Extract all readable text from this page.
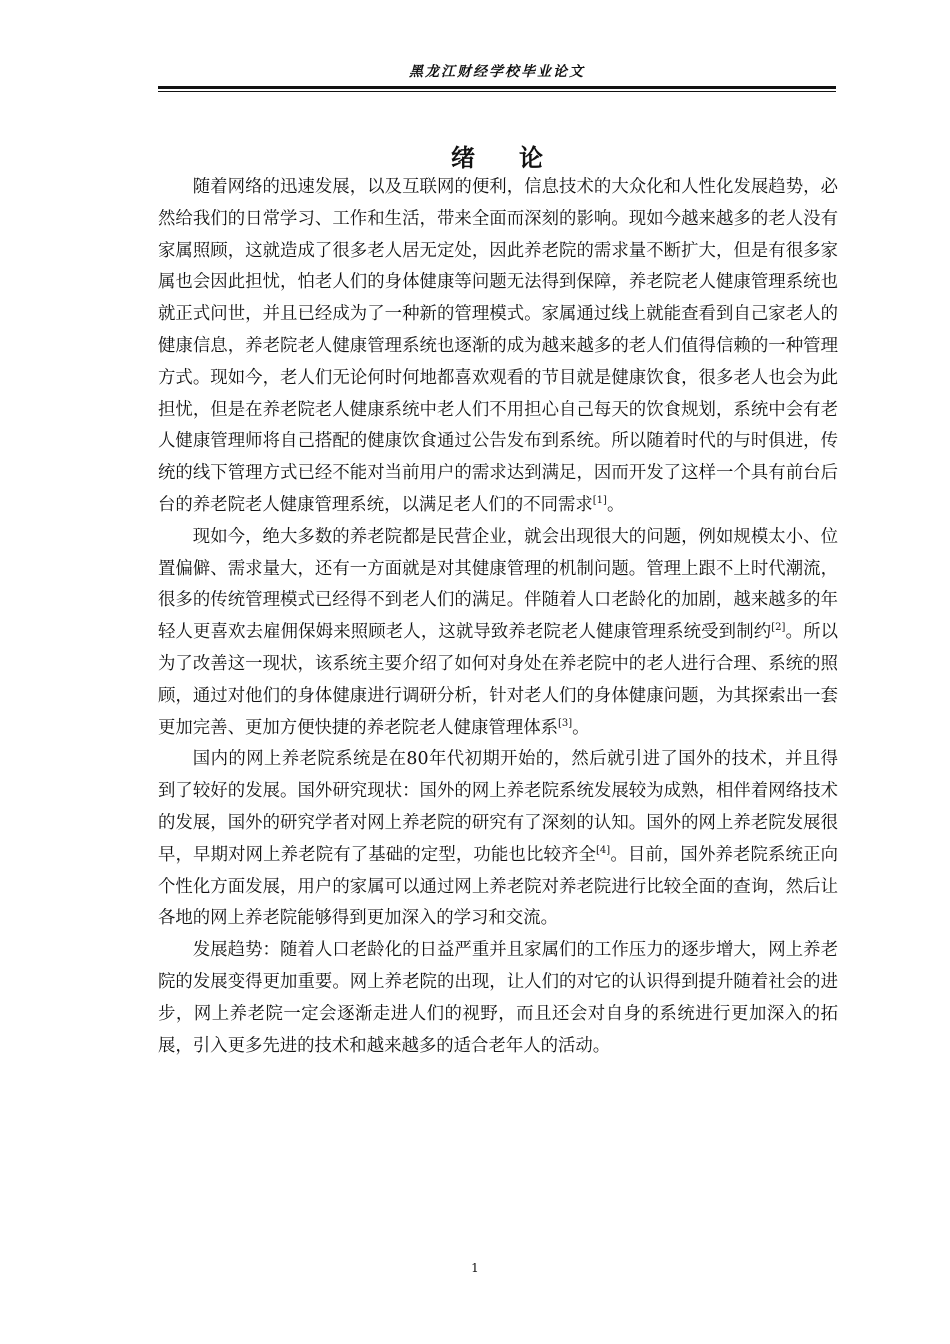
黑龙江财经学校毕业论文
绪论

随着网络的迅速发展，以及互联网的便利，信息技术的大众化和人性化发展趋势，必然给我们的日常学习、工作和生活，带来全面而深刻的影响。现如今越来越多的老人没有家属照顾，这就造成了很多老人居无定处，因此养老院的需求量不断扩大，但是有很多家属也会因此担忧，怕老人们的身体健康等问题无法得到保障，养老院老人健康管理系统也就正式问世，并且已经成为了一种新的管理模式。家属通过线上就能查看到自己家老人的健康信息，养老院老人健康管理系统也逐渐的成为越来越多的老人们值得信赖的一种管理方式。现如今，老人们无论何时何地都喜欢观看的节目就是健康饮食，很多老人也会为此担忧，但是在养老院老人健康系统中老人们不用担心自己每天的饮食规划，系统中会有老人健康管理师将自己搭配的健康饮食通过公告发布到系统。所以随着时代的与时俱进，传统的线下管理方式已经不能对当前用户的需求达到满足，因而开发了这样一个具有前台后台的养老院老人健康管理系统，以满足老人们的不同需求[1]。

现如今，绝大多数的养老院都是民营企业，就会出现很大的问题，例如规模太小、位置偏僻、需求量大，还有一方面就是对其健康管理的机制问题。管理上跟不上时代潮流，很多的传统管理模式已经得不到老人们的满足。伴随着人口老龄化的加剧，越来越多的年轻人更喜欢去雇佣保姆来照顾老人，这就导致养老院老人健康管理系统受到制约[2]。所以为了改善这一现状，该系统主要介绍了如何对身处在养老院中的老人进行合理、系统的照顾，通过对他们的身体健康进行调研分析，针对老人们的身体健康问题，为其探索出一套更加完善、更加方便快捷的养老院老人健康管理体系[3]。

国内的网上养老院系统是在80年代初期开始的，然后就引进了国外的技术，并且得到了较好的发展。国外研究现状：国外的网上养老院系统发展较为成熟，相伴着网络技术的发展，国外的研究学者对网上养老院的研究有了深刻的认知。国外的网上养老院发展很早，早期对网上养老院有了基础的定型，功能也比较齐全[4]。目前，国外养老院系统正向个性化方面发展，用户的家属可以通过网上养老院对养老院进行比较全面的查询，然后让各地的网上养老院能够得到更加深入的学习和交流。

发展趋势：随着人口老龄化的日益严重并且家属们的工作压力的逐步增大，网上养老院的发展变得更加重要。网上养老院的出现，让人们的对它的认识得到提升随着社会的进步，网上养老院一定会逐渐走进人们的视野，而且还会对自身的系统进行更加深入的拓展，引入更多先进的技术和越来越多的适合老年人的活动。

1
